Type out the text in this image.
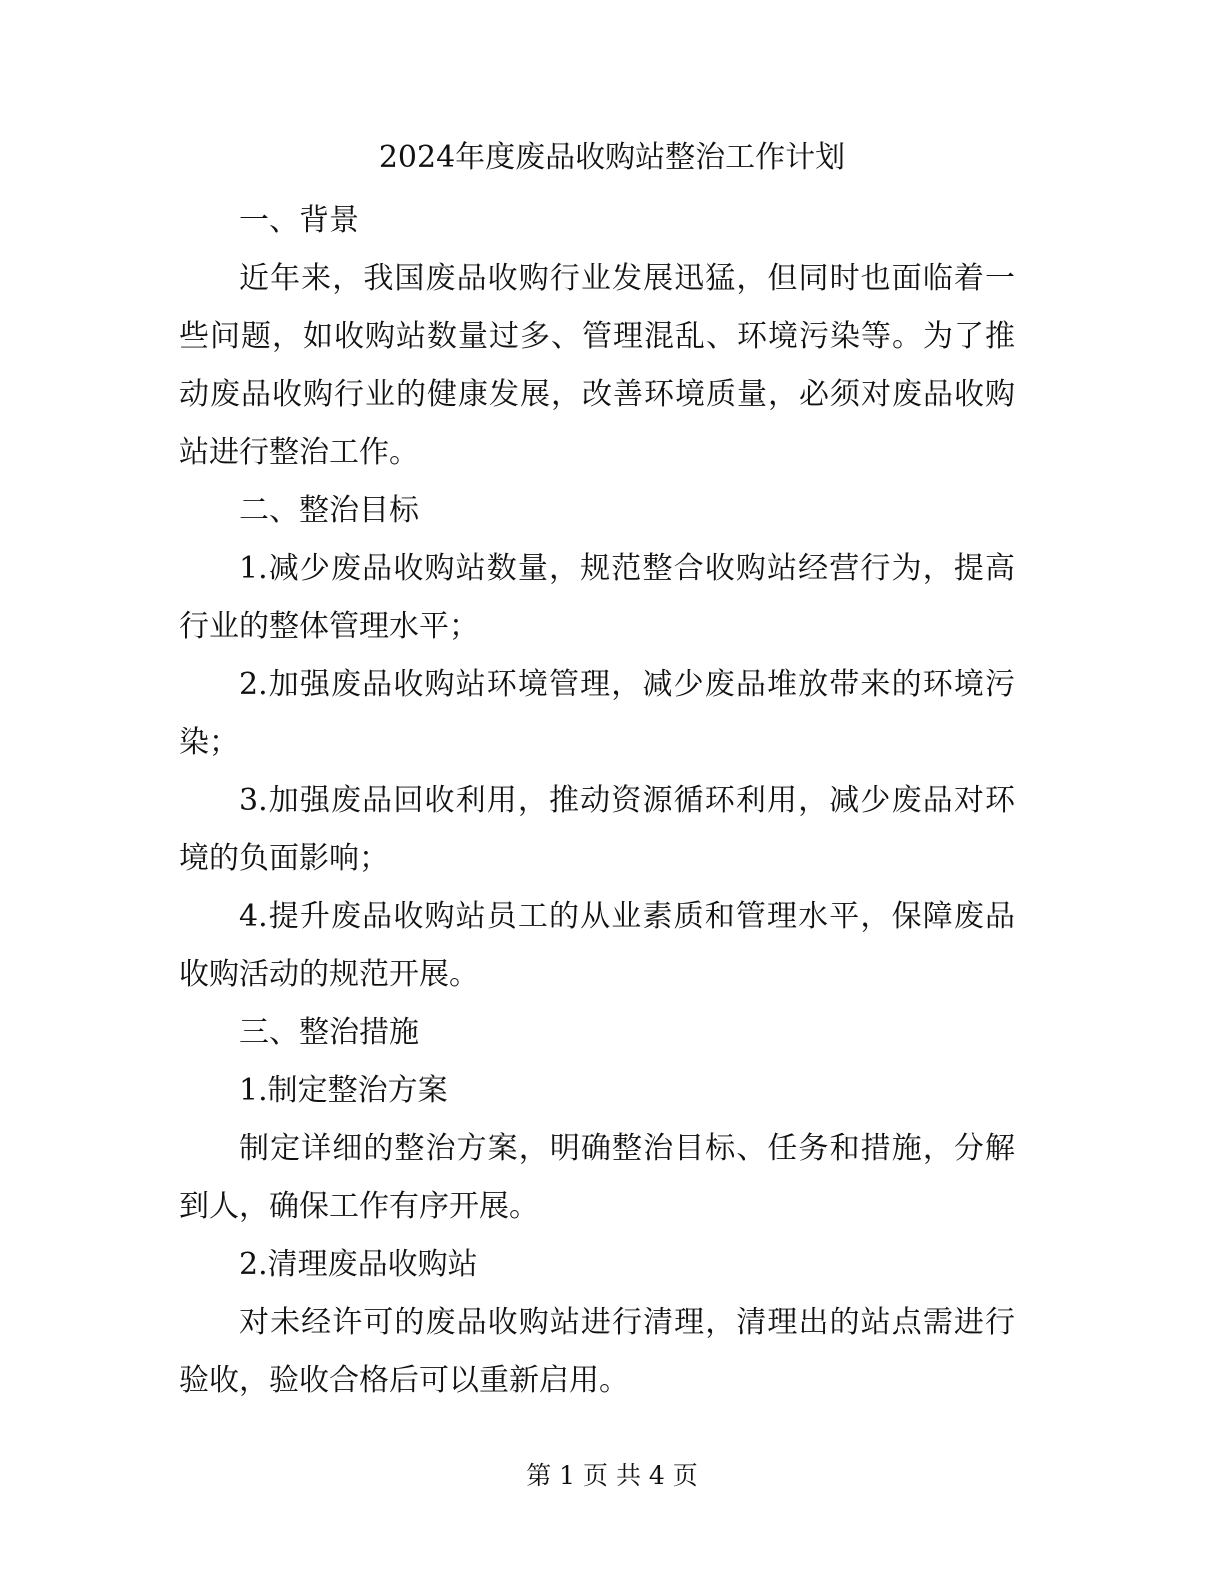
2024年度废品收购站整治工作计划

一、背景

近年来，我国废品收购行业发展迅猛，但同时也面临着一些问题，如收购站数量过多、管理混乱、环境污染等。为了推动废品收购行业的健康发展，改善环境质量，必须对废品收购站进行整治工作。

二、整治目标

1.减少废品收购站数量，规范整合收购站经营行为，提高行业的整体管理水平；

2.加强废品收购站环境管理，减少废品堆放带来的环境污染；

3.加强废品回收利用，推动资源循环利用，减少废品对环境的负面影响；

4.提升废品收购站员工的从业素质和管理水平，保障废品收购活动的规范开展。

三、整治措施

1.制定整治方案

制定详细的整治方案，明确整治目标、任务和措施，分解到人，确保工作有序开展。

2.清理废品收购站

对未经许可的废品收购站进行清理，清理出的站点需进行验收，验收合格后可以重新启用。

第 1 页 共 4 页
